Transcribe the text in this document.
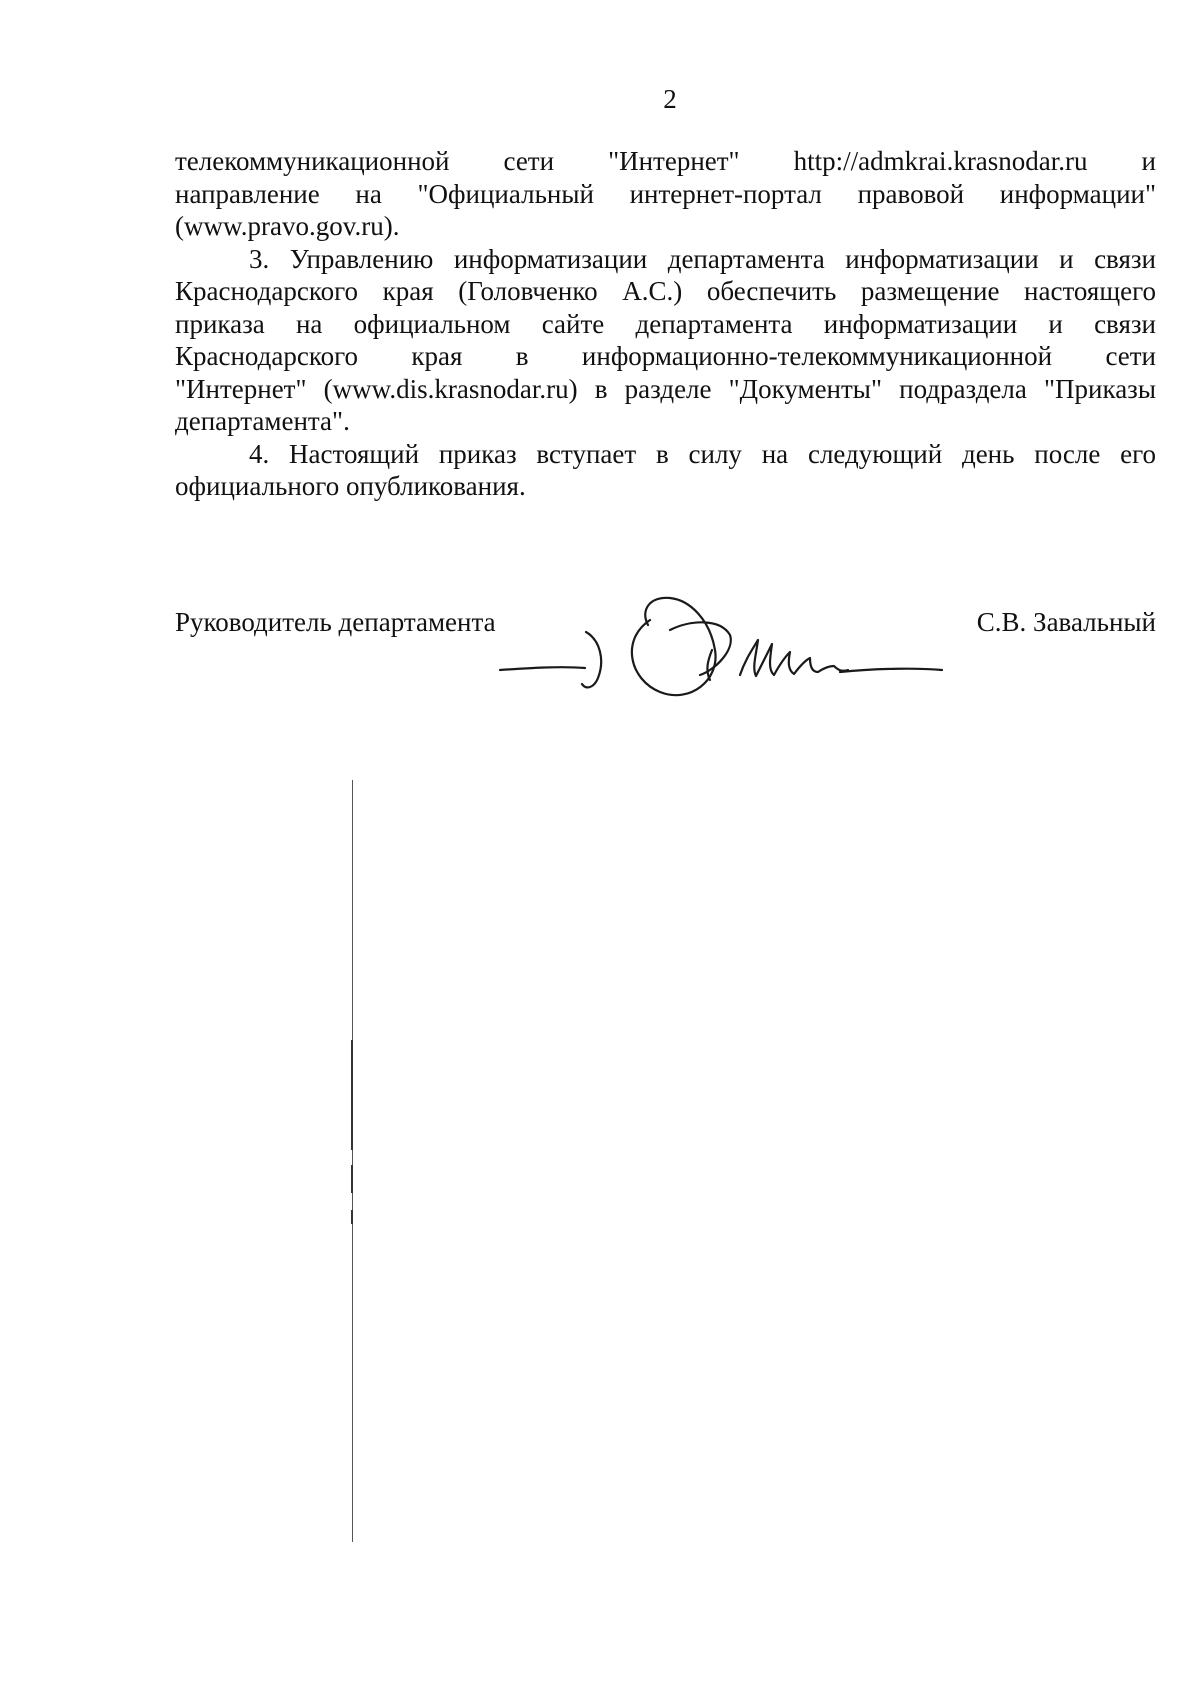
2

телекоммуникационной сети "Интернет" http://admkrai.krasnodar.ru и
направление на "Официальный интернет-портал правовой информации"
(www.pravo.gov.ru).

3. Управлению информатизации департамента информатизации и связи
Краснодарского края (Головченко А.С.) обеспечить размещение настоящего
приказа на официальном сайте департамента информатизации и связи
Краснодарского края в информационно-телекоммуникационной сети
"Интернет" (www.dis.krasnodar.ru) в разделе "Документы" подраздела "Приказы
департамента".

4. Настоящий приказ вступает в силу на следующий день после его
официального опубликования.

Руководитель департамента	С.В. Завальный
